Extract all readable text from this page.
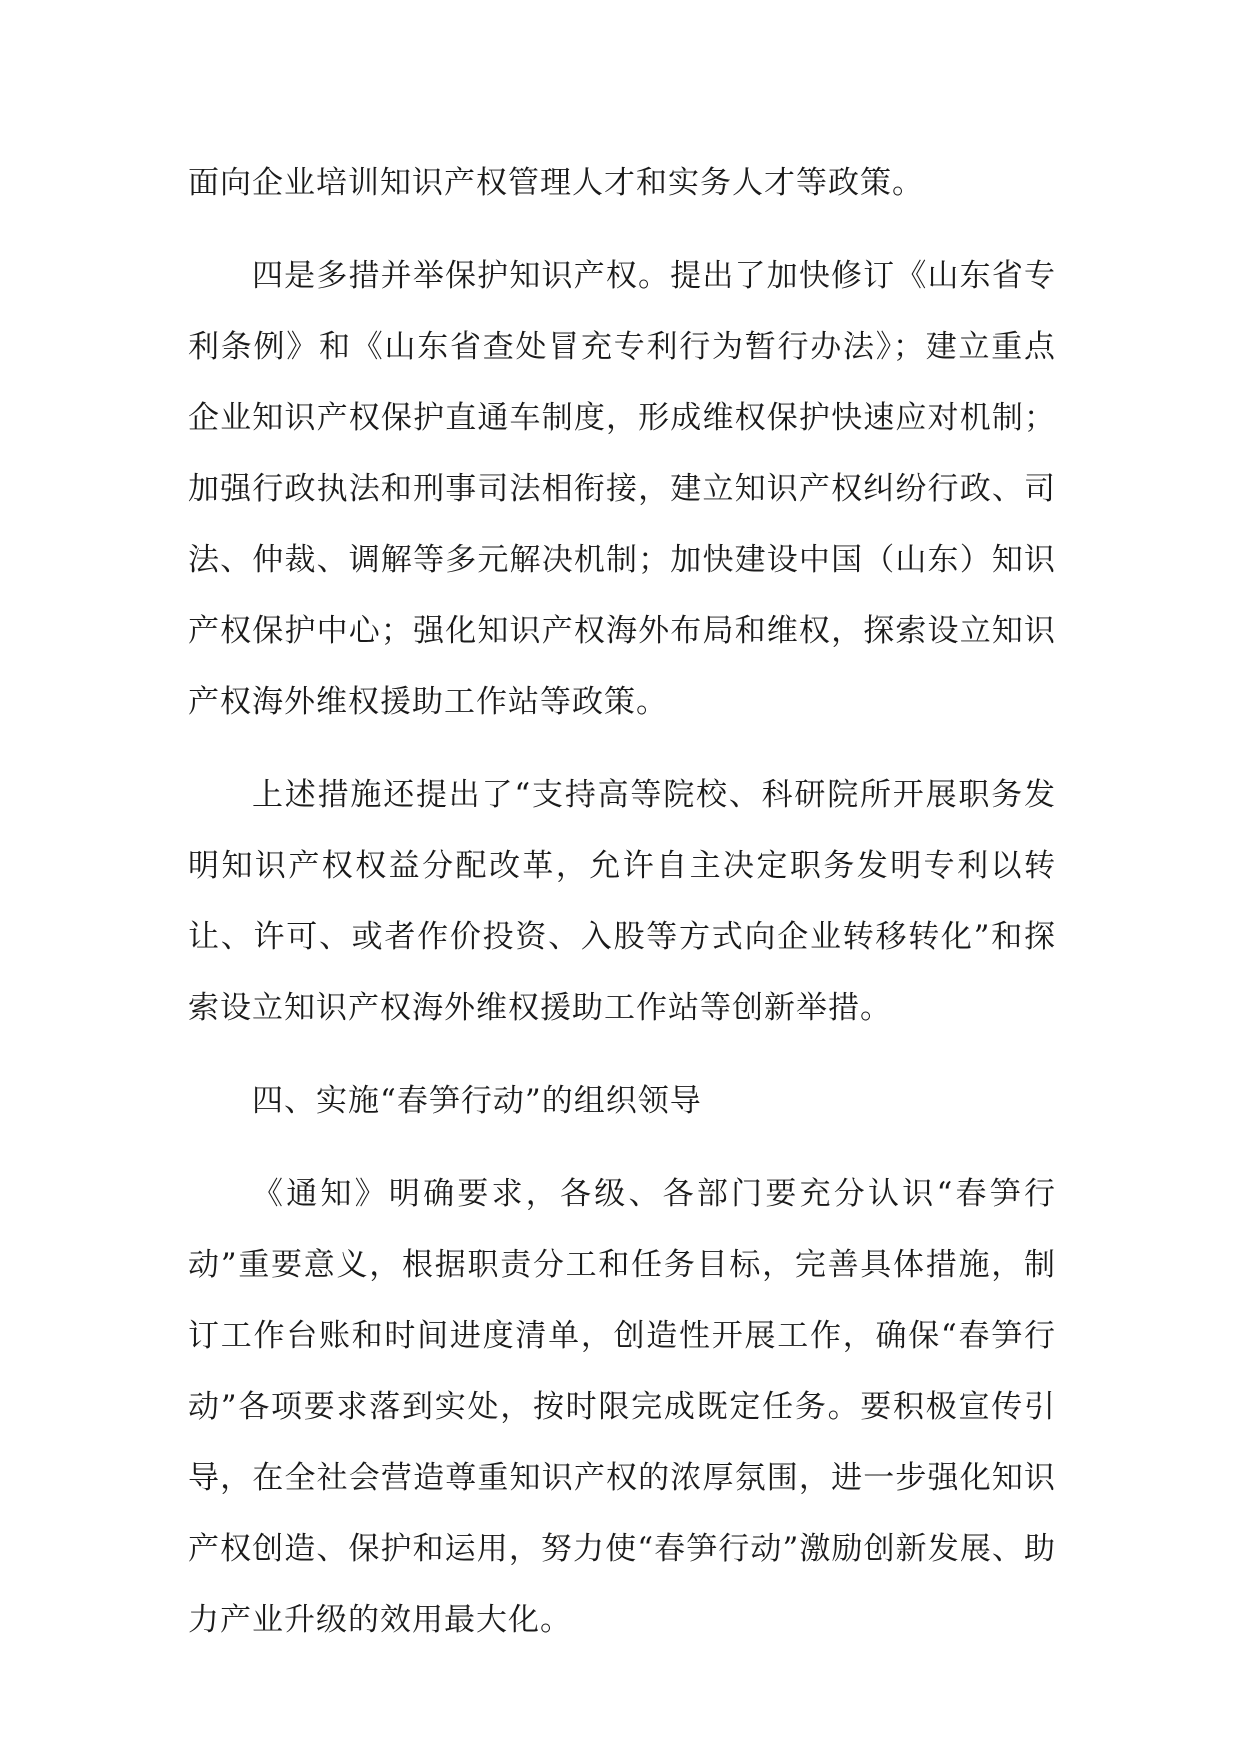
面向企业培训知识产权管理人才和实务人才等政策。

四是多措并举保护知识产权。提出了加快修订《山东省专利条例》和《山东省查处冒充专利行为暂行办法》；建立重点企业知识产权保护直通车制度，形成维权保护快速应对机制；加强行政执法和刑事司法相衔接，建立知识产权纠纷行政、司法、仲裁、调解等多元解决机制；加快建设中国（山东）知识产权保护中心；强化知识产权海外布局和维权，探索设立知识产权海外维权援助工作站等政策。

上述措施还提出了“支持高等院校、科研院所开展职务发明知识产权权益分配改革，允许自主决定职务发明专利以转让、许可、或者作价投资、入股等方式向企业转移转化”和探索设立知识产权海外维权援助工作站等创新举措。

四、实施“春笋行动”的组织领导

《通知》明确要求，各级、各部门要充分认识“春笋行动”重要意义，根据职责分工和任务目标，完善具体措施，制订工作台账和时间进度清单，创造性开展工作，确保“春笋行动”各项要求落到实处，按时限完成既定任务。要积极宣传引导，在全社会营造尊重知识产权的浓厚氛围，进一步强化知识产权创造、保护和运用，努力使“春笋行动”激励创新发展、助力产业升级的效用最大化。
